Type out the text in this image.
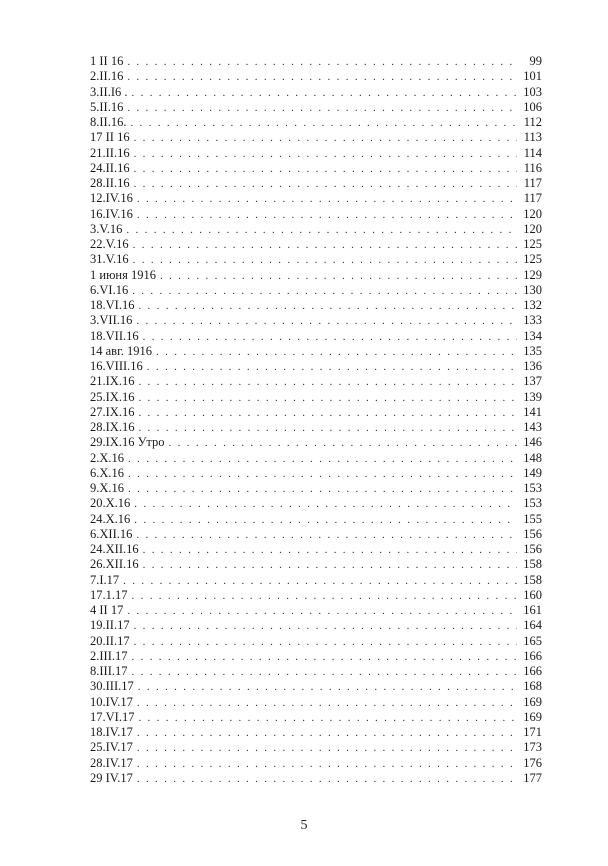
1 II 16 . . .	99
2.II.16 . . .	101
3.II.I6 . . . .	103
5.II.16 . . .	106
8.II.16. . . .	112
17 II 16 . . .	113
21.II.16 . . .	114
24.II.16 . . .	116
28.II.16 . . .	117
12.IV.16 . . .	117
16.IV.16 . . .	120
3.V.16 . . .	120
22.V.16 . . .	125
31.V.16 . . .	125
1 июня 1916 . . .	129
6.VI.16 . . .	130
18.VI.16 . . .	132
3.VII.16 . . .	133
18.VII.16 . . .	134
14 авг. 1916 . . .	135
16.VIII.16 . . .	136
21.IX.16 . . .	137
25.IX.16 . . .	139
27.IX.16 . . .	141
28.IX.16 . . .	143
29.IX.16 Утро . . .	146
2.X.16 . . .	148
6.X.16 . . .	149
9.X.16 . . .	153
20.X.16 . . .	153
24.X.16 . . .	155
6.XII.16 . . .	156
24.XII.16 . . .	156
26.XII.16 . . .	158
7.I.17 . . .	158
17.1.17 . . .	160
4 II 17 . . .	161
19.II.17 . . .	164
20.II.17 . . .	165
2.III.17 . . .	166
8.III.17 . . .	166
30.III.17 . . .	168
10.IV.17 . . .	169
17.VI.17 . . .	169
18.IV.17 . . .	171
25.IV.17 . . .	173
28.IV.17 . . .	176
29 IV.17 . . .	177
5
